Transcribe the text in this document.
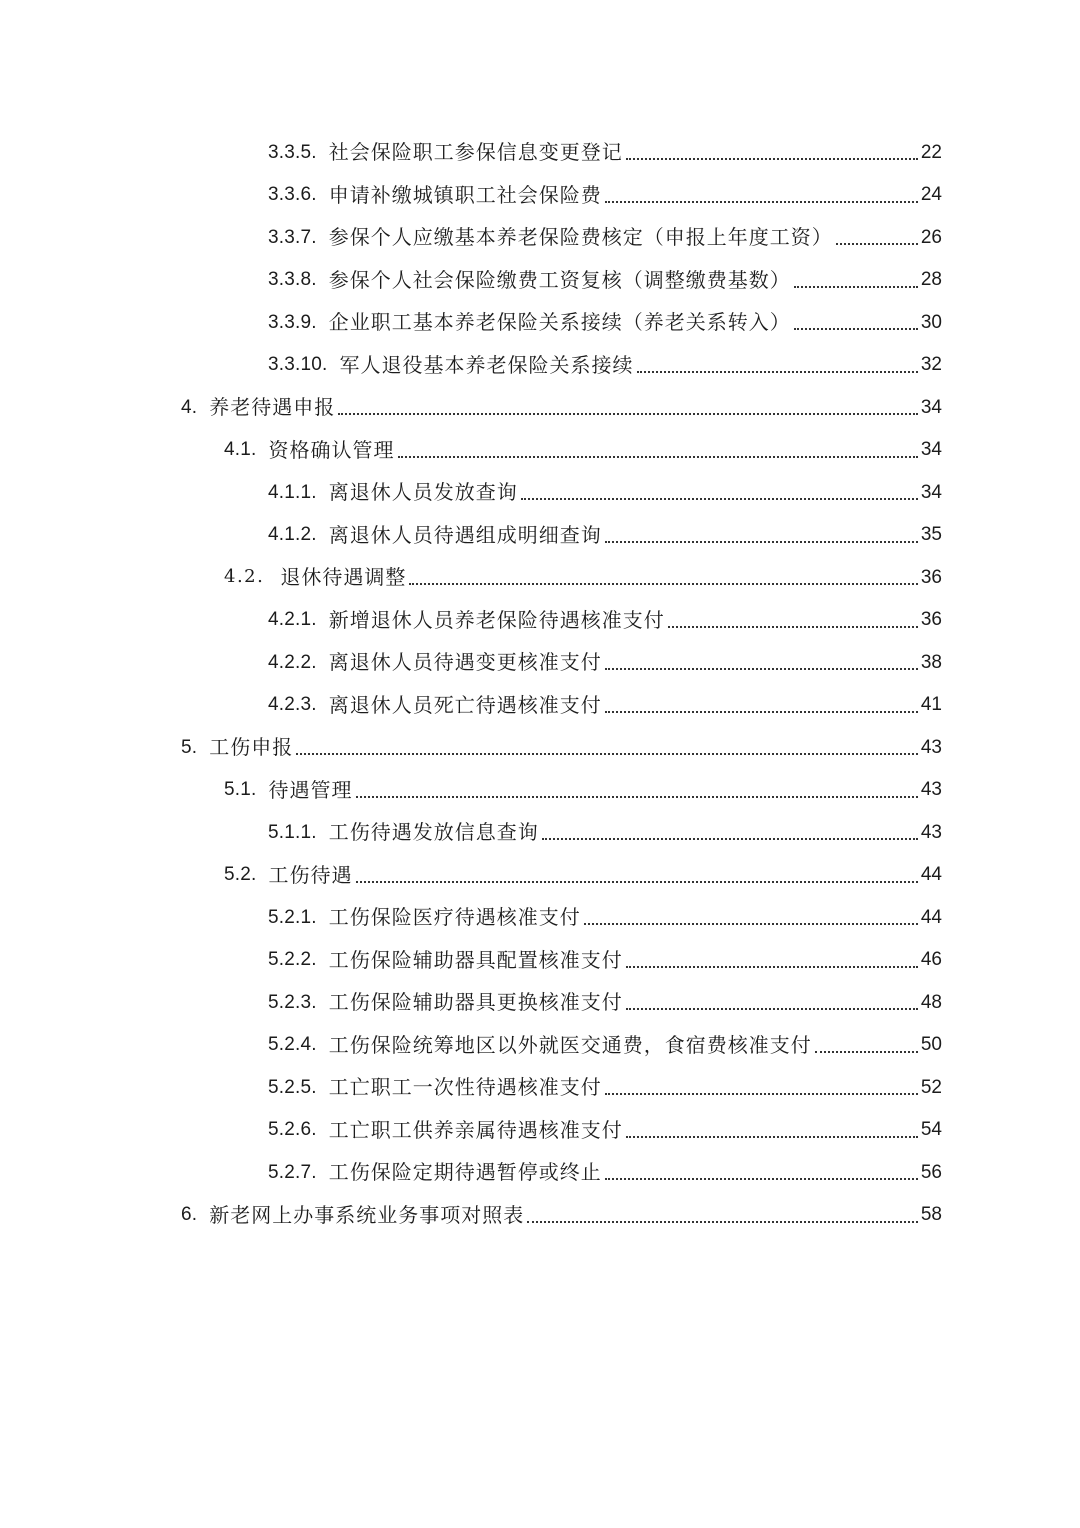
3.3.5. 社会保险职工参保信息变更登记	22
3.3.6. 申请补缴城镇职工社会保险费	24
3.3.7. 参保个人应缴基本养老保险费核定（申报上年度工资）	26
3.3.8. 参保个人社会保险缴费工资复核（调整缴费基数）	28
3.3.9. 企业职工基本养老保险关系接续（养老关系转入）	30
3.3.10. 军人退役基本养老保险关系接续	32
4. 养老待遇申报	34
4.1. 资格确认管理	34
4.1.1. 离退休人员发放查询	34
4.1.2. 离退休人员待遇组成明细查询	35
4.2. 退休待遇调整	36
4.2.1. 新增退休人员养老保险待遇核准支付	36
4.2.2. 离退休人员待遇变更核准支付	38
4.2.3. 离退休人员死亡待遇核准支付	41
5. 工伤申报	43
5.1. 待遇管理	43
5.1.1. 工伤待遇发放信息查询	43
5.2. 工伤待遇	44
5.2.1. 工伤保险医疗待遇核准支付	44
5.2.2. 工伤保险辅助器具配置核准支付	46
5.2.3. 工伤保险辅助器具更换核准支付	48
5.2.4. 工伤保险统筹地区以外就医交通费，食宿费核准支付	50
5.2.5. 工亡职工一次性待遇核准支付	52
5.2.6. 工亡职工供养亲属待遇核准支付	54
5.2.7. 工伤保险定期待遇暂停或终止	56
6. 新老网上办事系统业务事项对照表	58
